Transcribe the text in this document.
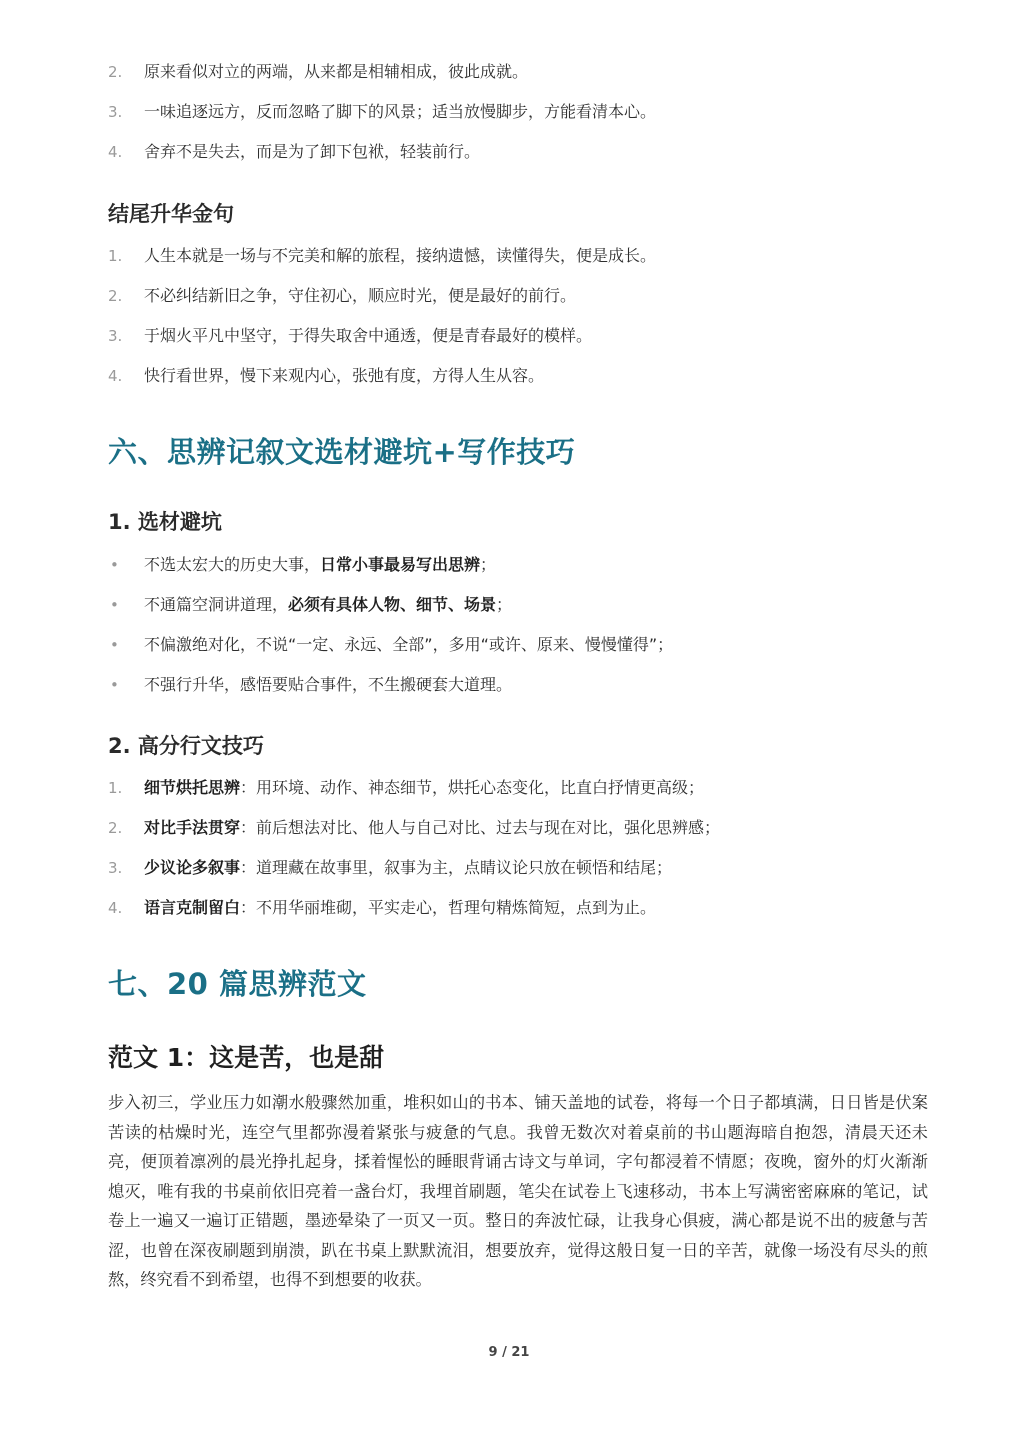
2. 原来看似对立的两端，从来都是相辅相成，彼此成就。
3. 一味追逐远方，反而忽略了脚下的风景；适当放慢脚步，方能看清本心。
4. 舍弃不是失去，而是为了卸下包袱，轻装前行。
结尾升华金句
1. 人生本就是一场与不完美和解的旅程，接纳遗憾，读懂得失，便是成长。
2. 不必纠结新旧之争，守住初心，顺应时光，便是最好的前行。
3. 于烟火平凡中坚守，于得失取舍中通透，便是青春最好的模样。
4. 快行看世界，慢下来观内心，张弛有度，方得人生从容。
六、思辨记叙文选材避坑+写作技巧
1. 选材避坑
• 不选太宏大的历史大事，日常小事最易写出思辨；
• 不通篇空洞讲道理，必须有具体人物、细节、场景；
• 不偏激绝对化，不说“一定、永远、全部”，多用“或许、原来、慢慢懂得”；
• 不强行升华，感悟要贴合事件，不生搬硬套大道理。
2. 高分行文技巧
1. 细节烘托思辨：用环境、动作、神态细节，烘托心态变化，比直白抒情更高级；
2. 对比手法贯穿：前后想法对比、他人与自己对比、过去与现在对比，强化思辨感；
3. 少议论多叙事：道理藏在故事里，叙事为主，点睛议论只放在顿悟和结尾；
4. 语言克制留白：不用华丽堆砌，平实走心，哲理句精炼简短，点到为止。
七、20 篇思辨范文
范文 1：这是苦，也是甜

步入初三，学业压力如潮水般骤然加重，堆积如山的书本、铺天盖地的试卷，将每一个日子都填满，日日皆是伏案苦读的枯燥时光，连空气里都弥漫着紧张与疲惫的气息。我曾无数次对着桌前的书山题海暗自抱怨，清晨天还未亮，便顶着凛冽的晨光挣扎起身，揉着惺忪的睡眼背诵古诗文与单词，字句都浸着不情愿；夜晚，窗外的灯火渐渐熄灭，唯有我的书桌前依旧亮着一盏台灯，我埋首刷题，笔尖在试卷上飞速移动，书本上写满密密麻麻的笔记，试卷上一遍又一遍订正错题，墨迹晕染了一页又一页。整日的奔波忙碌，让我身心俱疲，满心都是说不出的疲惫与苦涩，也曾在深夜刷题到崩溃，趴在书桌上默默流泪，想要放弃，觉得这般日复一日的辛苦，就像一场没有尽头的煎熬，终究看不到希望，也得不到想要的收获。

9 / 21
